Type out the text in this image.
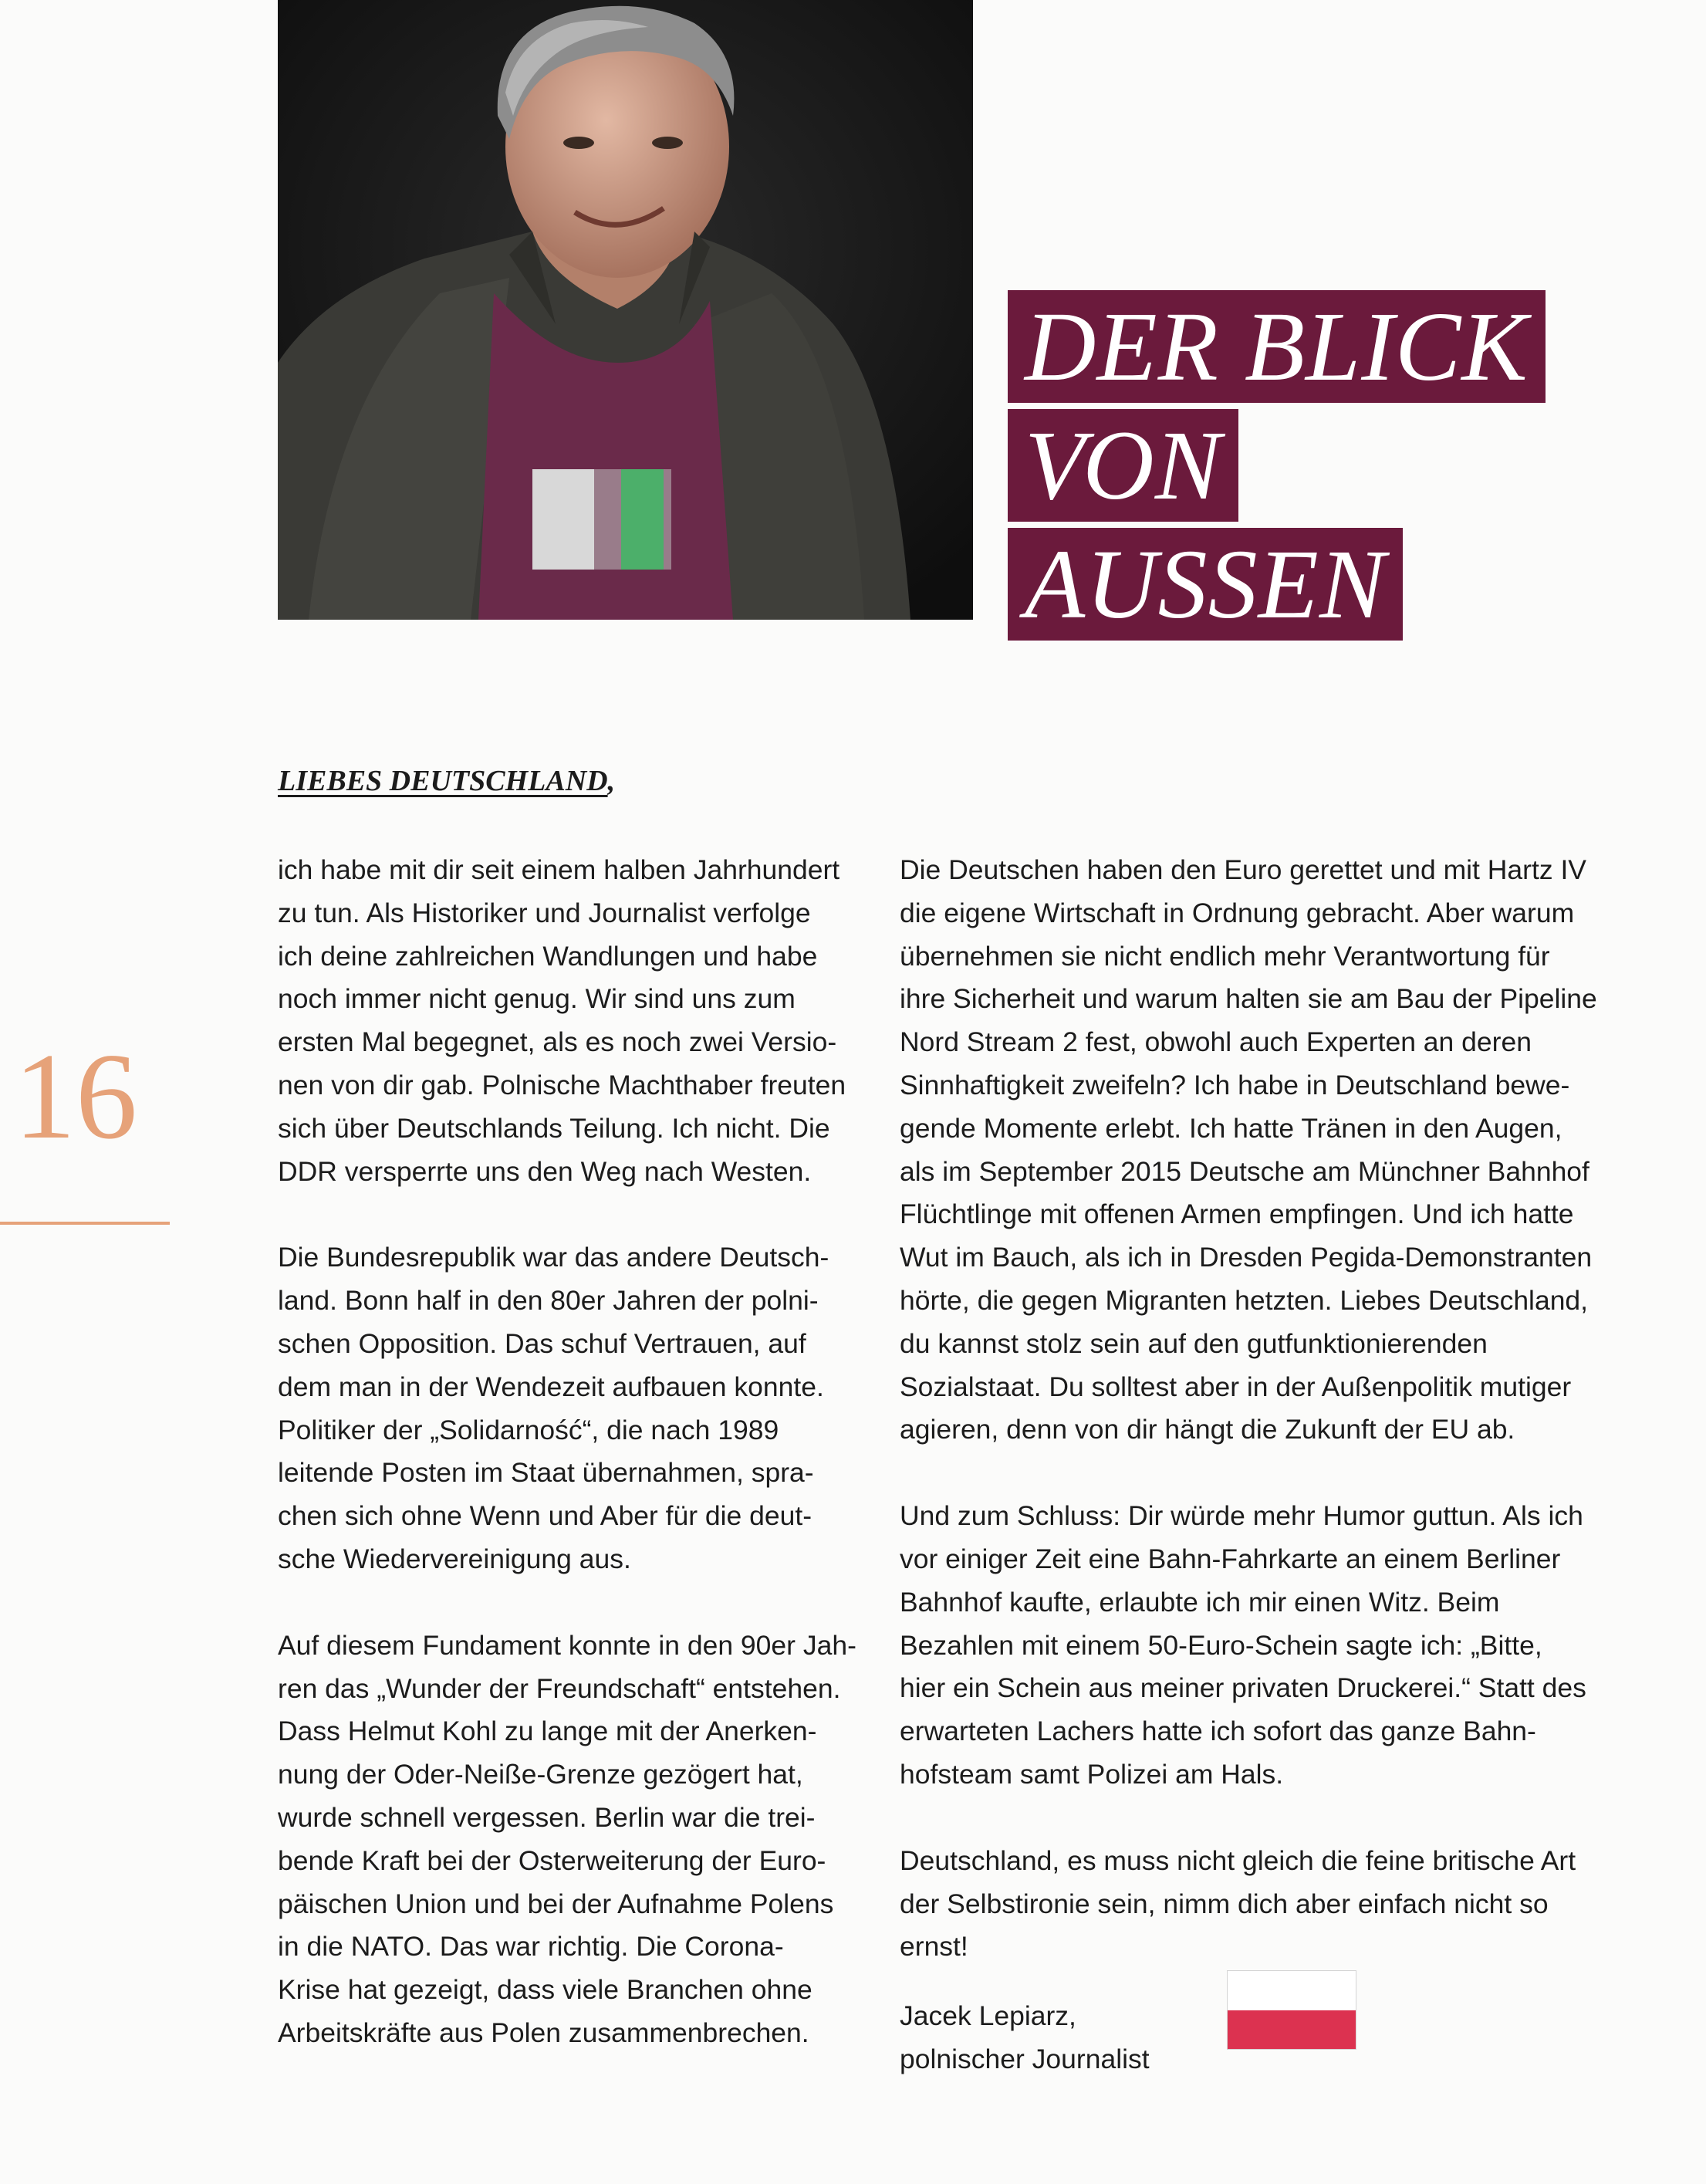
DER BLICK
VON
AUSSEN
16
LIEBES DEUTSCHLAND,

ich habe mit dir seit einem halben Jahrhundert
zu tun. Als Historiker und Journalist verfolge
ich deine zahlreichen Wandlungen und habe
noch immer nicht genug. Wir sind uns zum
ersten Mal begegnet, als es noch zwei Versio-
nen von dir gab. Polnische Machthaber freuten
sich über Deutschlands Teilung. Ich nicht. Die
DDR versperrte uns den Weg nach Westen.

Die Bundesrepublik war das andere Deutsch-
land. Bonn half in den 80er Jahren der polni-
schen Opposition. Das schuf Vertrauen, auf
dem man in der Wendezeit aufbauen konnte.
Politiker der „Solidarność“, die nach 1989
leitende Posten im Staat übernahmen, spra-
chen sich ohne Wenn und Aber für die deut-
sche Wiedervereinigung aus.

Auf diesem Fundament konnte in den 90er Jah-
ren das „Wunder der Freundschaft“ entstehen.
Dass Helmut Kohl zu lange mit der Anerken-
nung der Oder-Neiße-Grenze gezögert hat,
wurde schnell vergessen. Berlin war die trei-
bende Kraft bei der Osterweiterung der Euro-
päischen Union und bei der Aufnahme Polens
in die NATO. Das war richtig. Die Corona-
Krise hat gezeigt, dass viele Branchen ohne
Arbeitskräfte aus Polen zusammenbrechen.

Die Deutschen haben den Euro gerettet und mit Hartz IV
die eigene Wirtschaft in Ordnung gebracht. Aber warum
übernehmen sie nicht endlich mehr Verantwortung für
ihre Sicherheit und warum halten sie am Bau der Pipeline
Nord Stream 2 fest, obwohl auch Experten an deren
Sinnhaftigkeit zweifeln? Ich habe in Deutschland bewe-
gende Momente erlebt. Ich hatte Tränen in den Augen,
als im September 2015 Deutsche am Münchner Bahnhof
Flüchtlinge mit offenen Armen empfingen. Und ich hatte
Wut im Bauch, als ich in Dresden Pegida-Demonstranten
hörte, die gegen Migranten hetzten. Liebes Deutschland,
du kannst stolz sein auf den gutfunktionierenden
Sozialstaat. Du solltest aber in der Außenpolitik mutiger
agieren, denn von dir hängt die Zukunft der EU ab.

Und zum Schluss: Dir würde mehr Humor guttun. Als ich
vor einiger Zeit eine Bahn-Fahrkarte an einem Berliner
Bahnhof kaufte, erlaubte ich mir einen Witz. Beim
Bezahlen mit einem 50-Euro-Schein sagte ich: „Bitte,
hier ein Schein aus meiner privaten Druckerei.“ Statt des
erwarteten Lachers hatte ich sofort das ganze Bahn-
hofsteam samt Polizei am Hals.

Deutschland, es muss nicht gleich die feine britische Art
der Selbstironie sein, nimm dich aber einfach nicht so ernst!

Jacek Lepiarz,
polnischer Journalist
